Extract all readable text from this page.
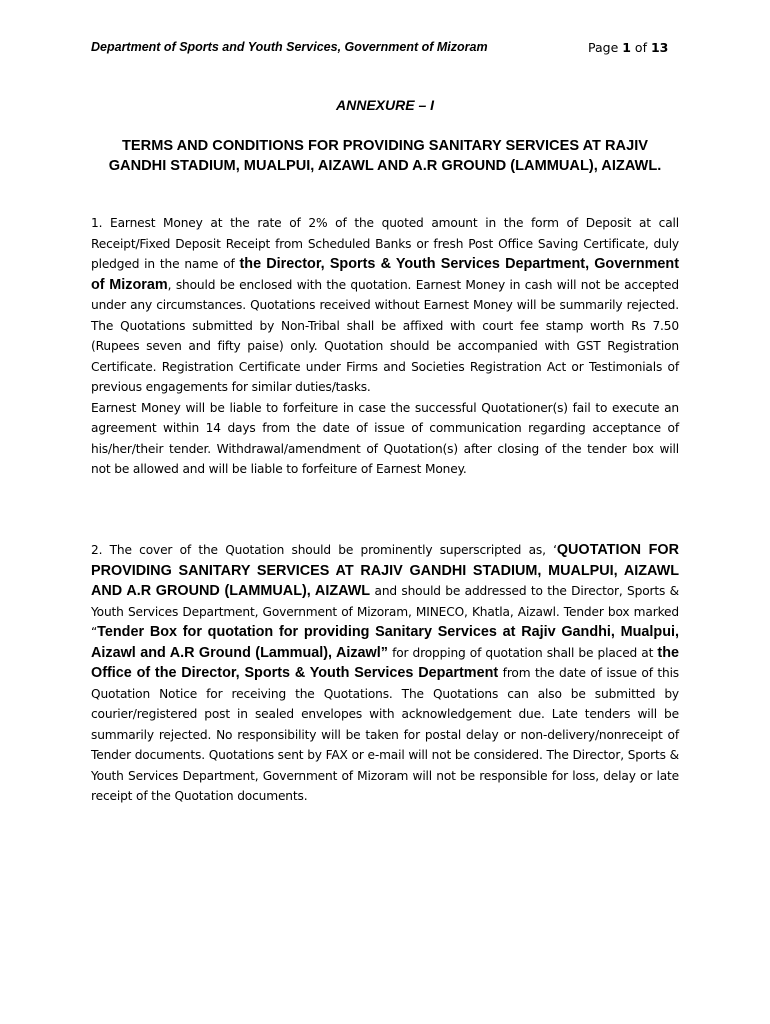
Department of Sports and Youth Services, Government of Mizoram	Page 1 of 13
ANNEXURE – I
TERMS AND CONDITIONS FOR PROVIDING SANITARY SERVICES AT RAJIV GANDHI STADIUM, MUALPUI, AIZAWL AND A.R GROUND (LAMMUAL), AIZAWL.

1. Earnest Money at the rate of 2% of the quoted amount in the form of Deposit at call Receipt/Fixed Deposit Receipt from Scheduled Banks or fresh Post Office Saving Certificate, duly pledged in the name of the Director, Sports & Youth Services Department, Government of Mizoram, should be enclosed with the quotation. Earnest Money in cash will not be accepted under any circumstances. Quotations received without Earnest Money will be summarily rejected. The Quotations submitted by Non-Tribal shall be affixed with court fee stamp worth Rs 7.50 (Rupees seven and fifty paise) only. Quotation should be accompanied with GST Registration Certificate. Registration Certificate under Firms and Societies Registration Act or Testimonials of previous engagements for similar duties/tasks.

Earnest Money will be liable to forfeiture in case the successful Quotationer(s) fail to execute an agreement within 14 days from the date of issue of communication regarding acceptance of his/her/their tender. Withdrawal/amendment of Quotation(s) after closing of the tender box will not be allowed and will be liable to forfeiture of Earnest Money.

2. The cover of the Quotation should be prominently superscripted as, ‘QUOTATION FOR PROVIDING SANITARY SERVICES AT RAJIV GANDHI STADIUM, MUALPUI, AIZAWL AND A.R GROUND (LAMMUAL), AIZAWL and should be addressed to the Director, Sports & Youth Services Department, Government of Mizoram, MINECO, Khatla, Aizawl. Tender box marked “Tender Box for quotation for providing Sanitary Services at Rajiv Gandhi, Mualpui, Aizawl and A.R Ground (Lammual), Aizawl” for dropping of quotation shall be placed at the Office of the Director, Sports & Youth Services Department from the date of issue of this Quotation Notice for receiving the Quotations. The Quotations can also be submitted by courier/registered post in sealed envelopes with acknowledgement due. Late tenders will be summarily rejected. No responsibility will be taken for postal delay or non-delivery/nonreceipt of Tender documents. Quotations sent by FAX or e-mail will not be considered. The Director, Sports & Youth Services Department, Government of Mizoram will not be responsible for loss, delay or late receipt of the Quotation documents.
